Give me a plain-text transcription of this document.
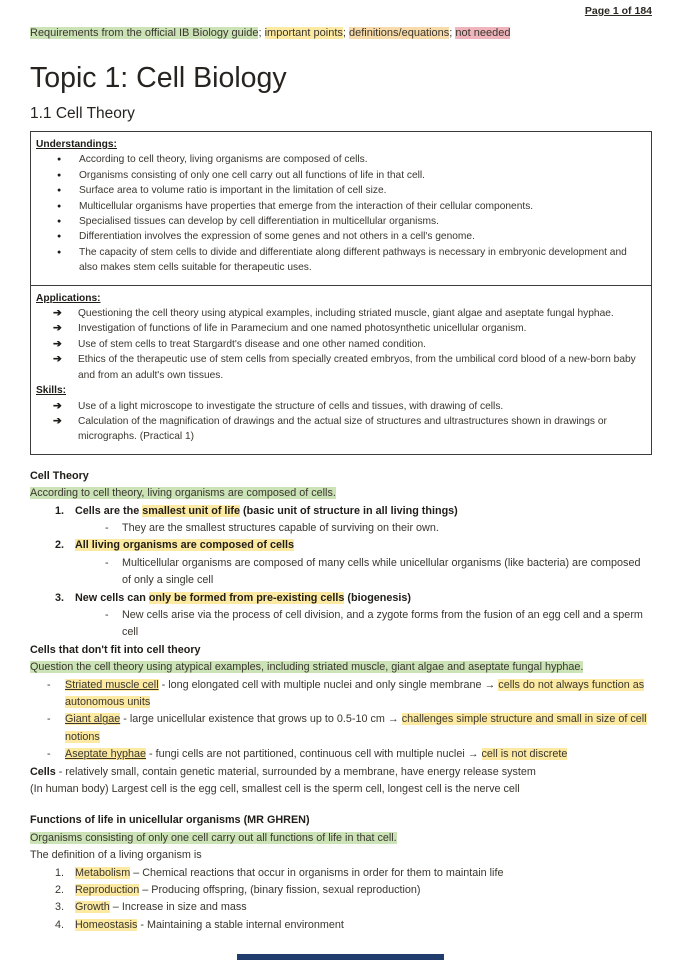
Page 1 of 184
Requirements from the official IB Biology guide; important points; definitions/equations; not needed
Topic 1: Cell Biology
1.1 Cell Theory
Understandings:
●	According to cell theory, living organisms are composed of cells.
●	Organisms consisting of only one cell carry out all functions of life in that cell.
●	Surface area to volume ratio is important in the limitation of cell size.
●	Multicellular organisms have properties that emerge from the interaction of their cellular components.
●	Specialised tissues can develop by cell differentiation in multicellular organisms.
●	Differentiation involves the expression of some genes and not others in a cell's genome.
●	The capacity of stem cells to divide and differentiate along different pathways is necessary in embryonic development and also makes stem cells suitable for therapeutic uses.
Applications:
➔	Questioning the cell theory using atypical examples, including striated muscle, giant algae and aseptate fungal hyphae.
➔	Investigation of functions of life in Paramecium and one named photosynthetic unicellular organism.
➔	Use of stem cells to treat Stargardt's disease and one other named condition.
➔	Ethics of the therapeutic use of stem cells from specially created embryos, from the umbilical cord blood of a new-born baby and from an adult's own tissues.
Skills:
➔	Use of a light microscope to investigate the structure of cells and tissues, with drawing of cells.
➔	Calculation of the magnification of drawings and the actual size of structures and ultrastructures shown in drawings or micrographs. (Practical 1)
Cell Theory
According to cell theory, living organisms are composed of cells.
1.	Cells are the smallest unit of life (basic unit of structure in all living things)
-	They are the smallest structures capable of surviving on their own.
2.	All living organisms are composed of cells
-	Multicellular organisms are composed of many cells while unicellular organisms (like bacteria) are composed of only a single cell
3.	New cells can only be formed from pre-existing cells (biogenesis)
-	New cells arise via the process of cell division, and a zygote forms from the fusion of an egg cell and a sperm cell
Cells that don't fit into cell theory
Question the cell theory using atypical examples, including striated muscle, giant algae and aseptate fungal hyphae.
-	Striated muscle cell - long elongated cell with multiple nuclei and only single membrane → cells do not always function as autonomous units
-	Giant algae - large unicellular existence that grows up to 0.5-10 cm → challenges simple structure and small in size of cell notions
-	Aseptate hyphae - fungi cells are not partitioned, continuous cell with multiple nuclei → cell is not discrete
Cells - relatively small, contain genetic material, surrounded by a membrane, have energy release system
(In human body) Largest cell is the egg cell, smallest cell is the sperm cell, longest cell is the nerve cell
Functions of life in unicellular organisms (MR GHREN)
Organisms consisting of only one cell carry out all functions of life in that cell.
The definition of a living organism is
1.	Metabolism – Chemical reactions that occur in organisms in order for them to maintain life
2.	Reproduction – Producing offspring, (binary fission, sexual reproduction)
3.	Growth – Increase in size and mass
4.	Homeostasis - Maintaining a stable internal environment
